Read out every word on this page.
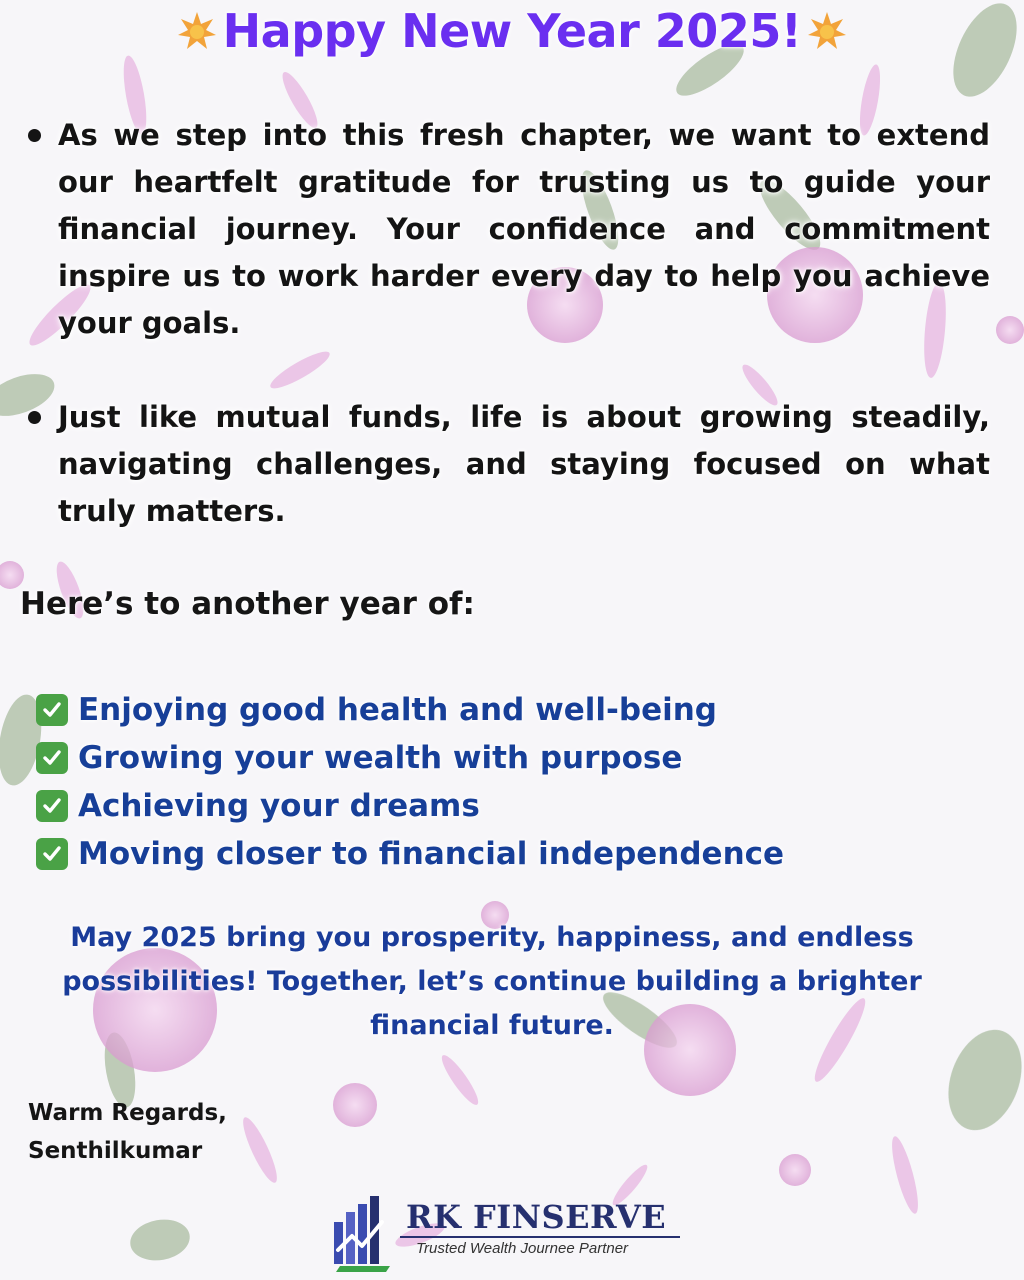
Happy New Year 2025!
As we step into this fresh chapter, we want to extend our heartfelt gratitude for trusting us to guide your financial journey. Your confidence and commitment inspire us to work harder every day to help you achieve your goals.
Just like mutual funds, life is about growing steadily, navigating challenges, and staying focused on what truly matters.
Here’s to another year of:
Enjoying good health and well-being
Growing your wealth with purpose
Achieving your dreams
Moving closer to financial independence
May 2025 bring you prosperity, happiness, and endless
possibilities! Together, let’s continue building a brighter
financial future.
Warm Regards,
Senthilkumar
RK FINSERVE
Trusted Wealth Journee Partner
